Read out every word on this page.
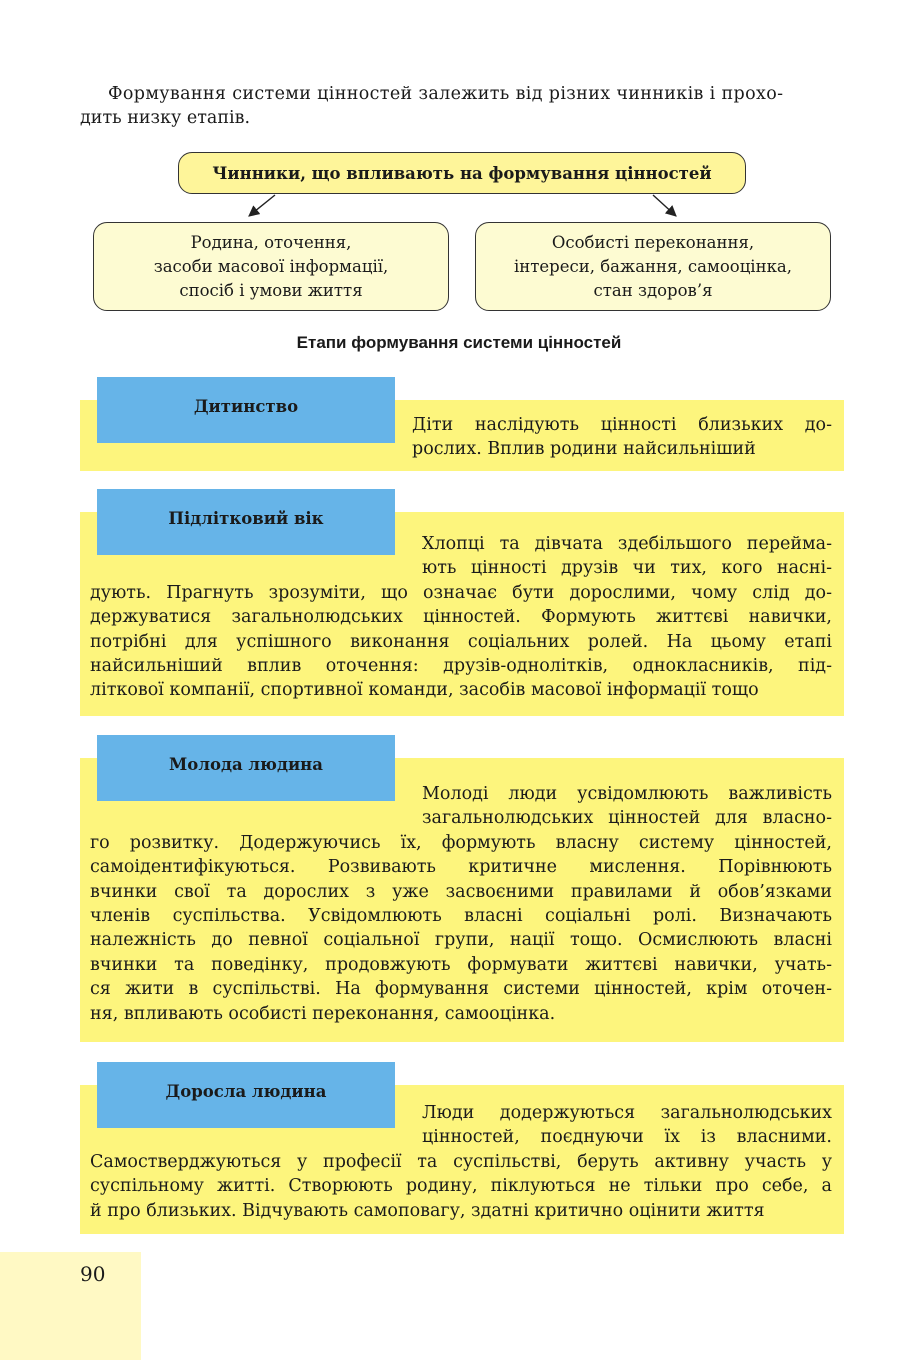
Формування системи цінностей залежить від різних чинників і прохо-
дить низку етапів.
Чинники, що впливають на формування цінностей
Родина, оточення,
засоби масової інформації,
спосіб і умови життя
Особисті переконання,
інтереси, бажання, самооцінка,
стан здоров’я
Етапи формування системи цінностей
Дитинство
Діти наслідують цінності близьких до-
рослих. Вплив родини найсильніший
Підлітковий вік
Хлопці та дівчата здебільшого перейма-
ють цінності друзів чи тих, кого насні-
дують. Прагнуть зрозуміти, що означає бути дорослими, чому слід до-
держуватися загальнолюдських цінностей. Формують життєві навички,
потрібні для успішного виконання соціальних ролей. На цьому етапі
найсильніший вплив оточення: друзів-однолітків, однокласників, під-
літкової компанії, спортивної команди, засобів масової інформації тощо
Молода людина
Молоді люди усвідомлюють важливість
загальнолюдських цінностей для власно-
го розвитку. Додержуючись їх, формують власну систему цінностей,
самоідентифікуються. Розвивають критичне мислення. Порівнюють
вчинки свої та дорослих з уже засвоєними правилами й обов’язками
членів суспільства. Усвідомлюють власні соціальні ролі. Визначають
належність до певної соціальної групи, нації тощо. Осмислюють власні
вчинки та поведінку, продовжують формувати життєві навички, учать-
ся жити в суспільстві. На формування системи цінностей, крім оточен-
ня, впливають особисті переконання, самооцінка.
Доросла людина
Люди додержуються загальнолюдських
цінностей, поєднуючи їх із власними.
Самостверджуються у професії та суспільстві, беруть активну участь у
суспільному житті. Створюють родину, піклуються не тільки про себе, а
й про близьких. Відчувають самоповагу, здатні критично оцінити життя
90
